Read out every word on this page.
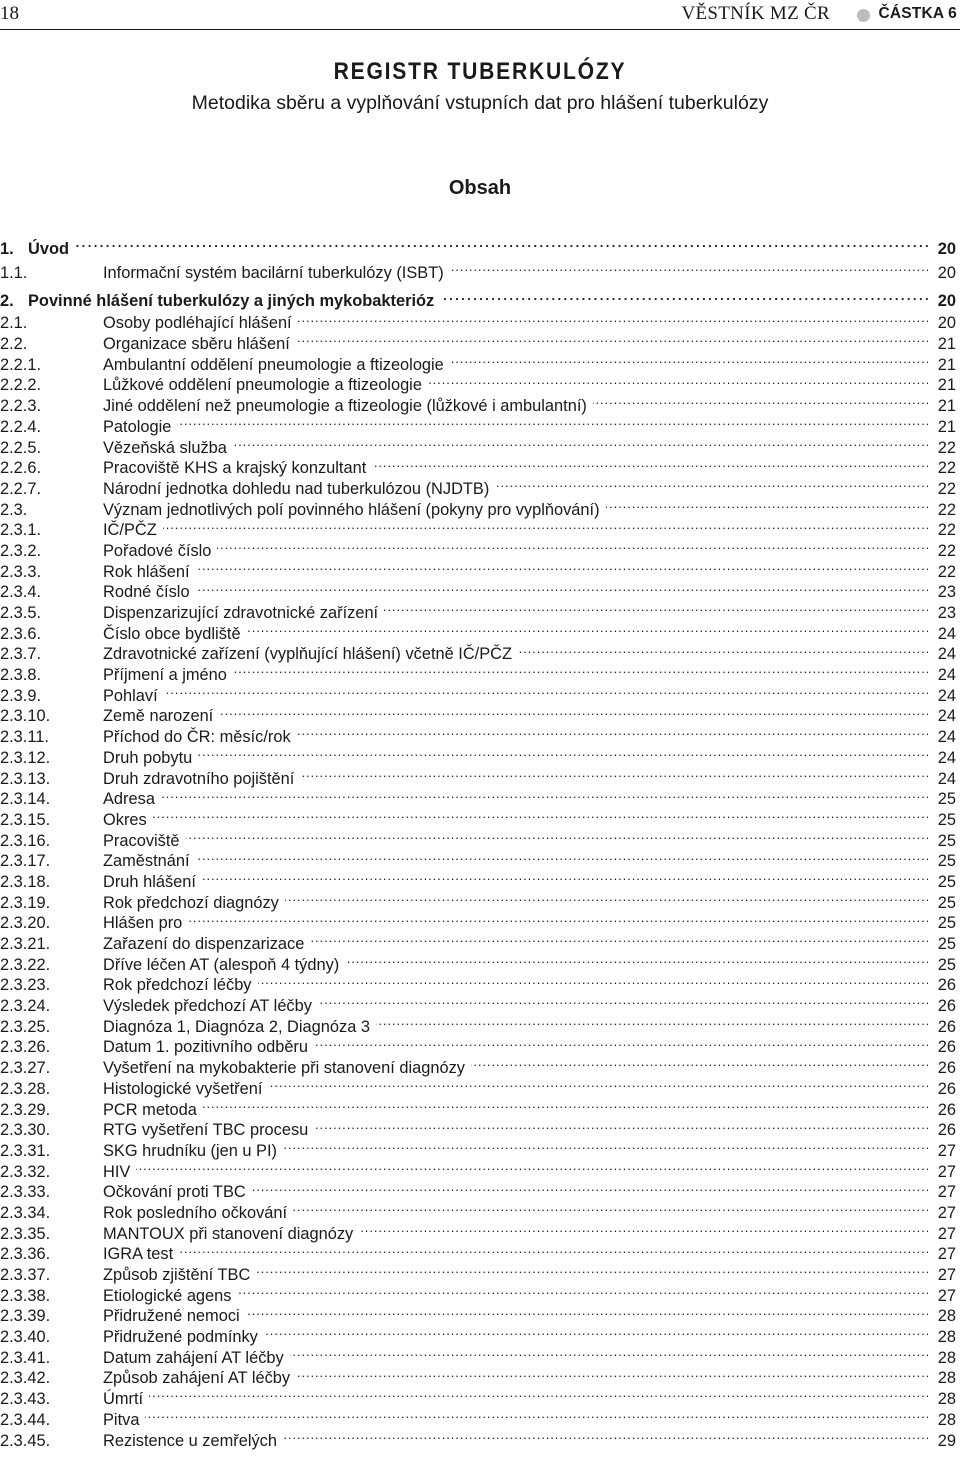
18	VĚSTNÍK MZ ČR	ČÁSTKA 6
REGISTR TUBERKULÓZY
Metodika sběru a vyplňování vstupních dat pro hlášení tuberkulózy
Obsah
1. Úvod . . .	20
1.1.	Informační systém bacilární tuberkulózy (ISBT) . . .	20
2. Povinné hlášení tuberkulózy a jiných mykobakterióz . . .	20
2.1.	Osoby podléhající hlášení . . .	20
2.2.	Organizace sběru hlášení . . .	21
2.2.1.	Ambulantní oddělení pneumologie a ftizeologie . . .	21
2.2.2.	Lůžkové oddělení pneumologie a ftizeologie . . .	21
2.2.3.	Jiné oddělení než pneumologie a ftizeologie (lůžkové i ambulantní) . . .	21
2.2.4.	Patologie . . .	21
2.2.5.	Vězeňská služba . . .	22
2.2.6.	Pracoviště KHS a krajský konzultant . . .	22
2.2.7.	Národní jednotka dohledu nad tuberkulózou (NJDTB) . . .	22
2.3.	Význam jednotlivých polí povinného hlášení (pokyny pro vyplňování) . . .	22
2.3.1.	IČ/PČZ . . .	22
2.3.2.	Pořadové číslo . . .	22
2.3.3.	Rok hlášení . . .	22
2.3.4.	Rodné číslo . . .	23
2.3.5.	Dispenzarizující zdravotnické zařízení . . .	23
2.3.6.	Číslo obce bydliště . . .	24
2.3.7.	Zdravotnické zařízení (vyplňující hlášení) včetně IČ/PČZ . . .	24
2.3.8.	Příjmení a jméno . . .	24
2.3.9.	Pohlaví . . .	24
2.3.10.	Země narození . . .	24
2.3.11.	Příchod do ČR: měsíc/rok . . .	24
2.3.12.	Druh pobytu . . .	24
2.3.13.	Druh zdravotního pojištění . . .	24
2.3.14.	Adresa . . .	25
2.3.15.	Okres . . .	25
2.3.16.	Pracoviště . . .	25
2.3.17.	Zaměstnání . . .	25
2.3.18.	Druh hlášení . . .	25
2.3.19.	Rok předchozí diagnózy . . .	25
2.3.20.	Hlášen pro . . .	25
2.3.21.	Zařazení do dispenzarizace . . .	25
2.3.22.	Dříve léčen AT (alespoň 4 týdny) . . .	25
2.3.23.	Rok předchozí léčby . . .	26
2.3.24.	Výsledek předchozí AT léčby . . .	26
2.3.25.	Diagnóza 1, Diagnóza 2, Diagnóza 3 . . .	26
2.3.26.	Datum 1. pozitivního odběru . . .	26
2.3.27.	Vyšetření na mykobakterie při stanovení diagnózy . . .	26
2.3.28.	Histologické vyšetření . . .	26
2.3.29.	PCR metoda . . .	26
2.3.30.	RTG vyšetření TBC procesu . . .	26
2.3.31.	SKG hrudníku (jen u PI) . . .	27
2.3.32.	HIV . . .	27
2.3.33.	Očkování proti TBC . . .	27
2.3.34.	Rok posledního očkování . . .	27
2.3.35.	MANTOUX při stanovení diagnózy . . .	27
2.3.36.	IGRA test . . .	27
2.3.37.	Způsob zjištění TBC . . .	27
2.3.38.	Etiologické agens . . .	27
2.3.39.	Přidružené nemoci . . .	28
2.3.40.	Přidružené podmínky . . .	28
2.3.41.	Datum zahájení AT léčby . . .	28
2.3.42.	Způsob zahájení AT léčby . . .	28
2.3.43.	Úmrtí . . .	28
2.3.44.	Pitva . . .	28
2.3.45.	Rezistence u zemřelých . . .	29
